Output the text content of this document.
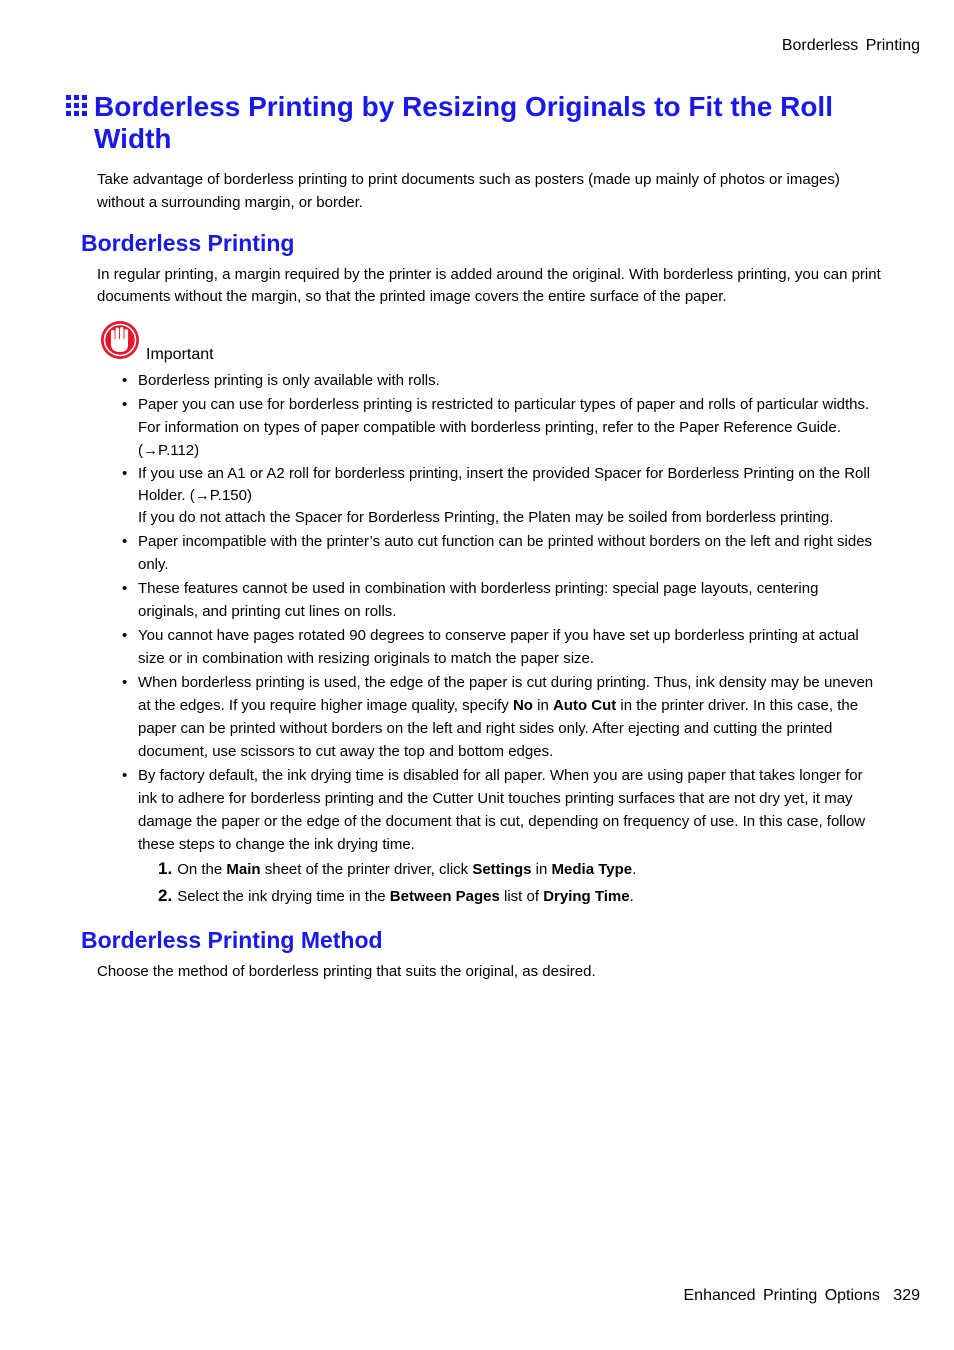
Borderless Printing
Borderless Printing by Resizing Originals to Fit the Roll Width

Take advantage of borderless printing to print documents such as posters (made up mainly of photos or images) without a surrounding margin, or border.

Borderless Printing

In regular printing, a margin required by the printer is added around the original. With borderless printing, you can print documents without the margin, so that the printed image covers the entire surface of the paper.

Important
• Borderless printing is only available with rolls.
• Paper you can use for borderless printing is restricted to particular types of paper and rolls of particular widths. For information on types of paper compatible with borderless printing, refer to the Paper Reference Guide. (→P.112)
• If you use an A1 or A2 roll for borderless printing, insert the provided Spacer for Borderless Printing on the Roll Holder. (→P.150)
If you do not attach the Spacer for Borderless Printing, the Platen may be soiled from borderless printing.
• Paper incompatible with the printer’s auto cut function can be printed without borders on the left and right sides only.
• These features cannot be used in combination with borderless printing: special page layouts, centering originals, and printing cut lines on rolls.
• You cannot have pages rotated 90 degrees to conserve paper if you have set up borderless printing at actual size or in combination with resizing originals to match the paper size.
• When borderless printing is used, the edge of the paper is cut during printing. Thus, ink density may be uneven at the edges. If you require higher image quality, specify No in Auto Cut in the printer driver. In this case, the paper can be printed without borders on the left and right sides only. After ejecting and cutting the printed document, use scissors to cut away the top and bottom edges.
• By factory default, the ink drying time is disabled for all paper. When you are using paper that takes longer for ink to adhere for borderless printing and the Cutter Unit touches printing surfaces that are not dry yet, it may damage the paper or the edge of the document that is cut, depending on frequency of use. In this case, follow these steps to change the ink drying time.
1. On the Main sheet of the printer driver, click Settings in Media Type.
2. Select the ink drying time in the Between Pages list of Drying Time.
Borderless Printing Method

Choose the method of borderless printing that suits the original, as desired.

Enhanced Printing Options 329
